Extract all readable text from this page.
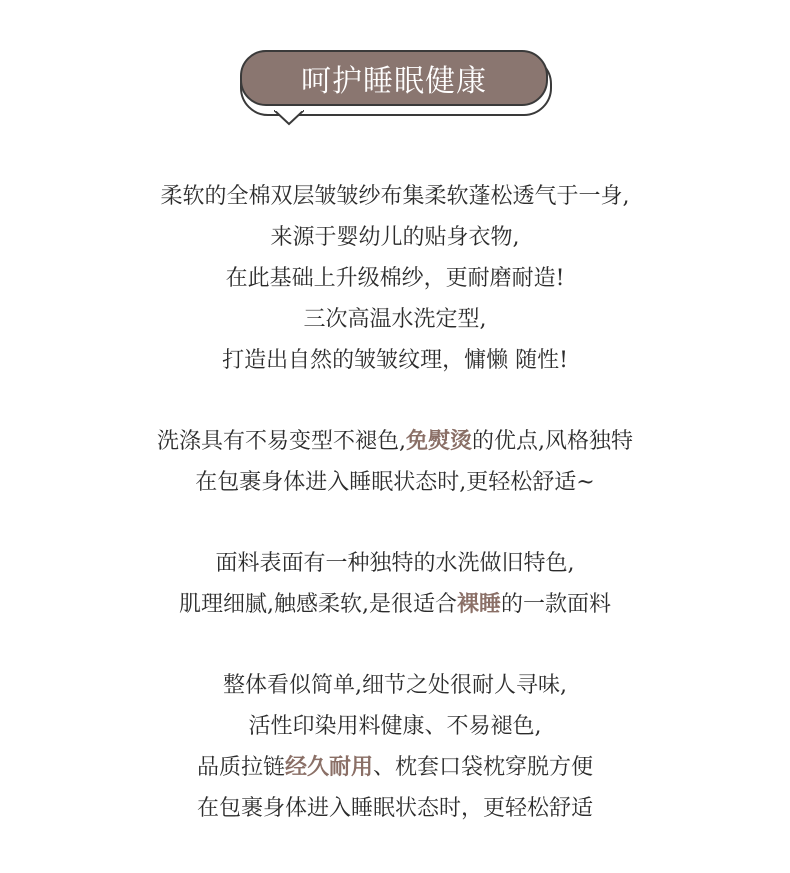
呵护睡眠健康
柔软的全棉双层皱皱纱布集柔软蓬松透气于一身,
来源于婴幼儿的贴身衣物,
在此基础上升级棉纱，更耐磨耐造!
三次高温水洗定型,
打造出自然的皱皱纹理，慵懒 随性!
洗涤具有不易变型不褪色,免熨烫的优点,风格独特
在包裹身体进入睡眠状态时,更轻松舒适~
面料表面有一种独特的水洗做旧特色,
肌理细腻,触感柔软,是很适合裸睡的一款面料
整体看似简单,细节之处很耐人寻味,
活性印染用料健康、不易褪色,
品质拉链经久耐用、枕套口袋枕穿脱方便
在包裹身体进入睡眠状态时，更轻松舒适
